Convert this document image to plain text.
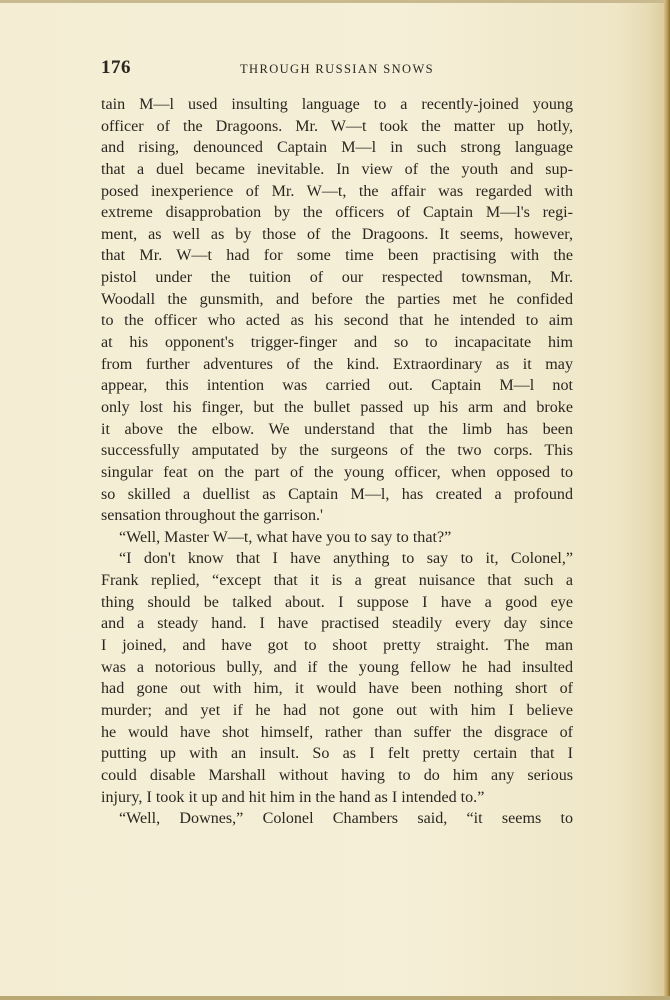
176	THROUGH RUSSIAN SNOWS
tain M—l used insulting language to a recently-joined young
officer of the Dragoons. Mr. W—t took the matter up hotly,
and rising, denounced Captain M—l in such strong language
that a duel became inevitable. In view of the youth and sup-
posed inexperience of Mr. W—t, the affair was regarded with
extreme disapprobation by the officers of Captain M—l's regi-
ment, as well as by those of the Dragoons. It seems, however,
that Mr. W—t had for some time been practising with the
pistol under the tuition of our respected townsman, Mr.
Woodall the gunsmith, and before the parties met he confided
to the officer who acted as his second that he intended to aim
at his opponent's trigger-finger and so to incapacitate him
from further adventures of the kind. Extraordinary as it may
appear, this intention was carried out. Captain M—l not
only lost his finger, but the bullet passed up his arm and broke
it above the elbow. We understand that the limb has been
successfully amputated by the surgeons of the two corps. This
singular feat on the part of the young officer, when opposed to
so skilled a duellist as Captain M—l, has created a profound
sensation throughout the garrison.'
“Well, Master W—t, what have you to say to that?”
“I don't know that I have anything to say to it, Colonel,”
Frank replied, “except that it is a great nuisance that such a
thing should be talked about. I suppose I have a good eye
and a steady hand. I have practised steadily every day since
I joined, and have got to shoot pretty straight. The man
was a notorious bully, and if the young fellow he had insulted
had gone out with him, it would have been nothing short of
murder; and yet if he had not gone out with him I believe
he would have shot himself, rather than suffer the disgrace of
putting up with an insult. So as I felt pretty certain that I
could disable Marshall without having to do him any serious
injury, I took it up and hit him in the hand as I intended to.”
“Well, Downes,” Colonel Chambers said, “it seems to
